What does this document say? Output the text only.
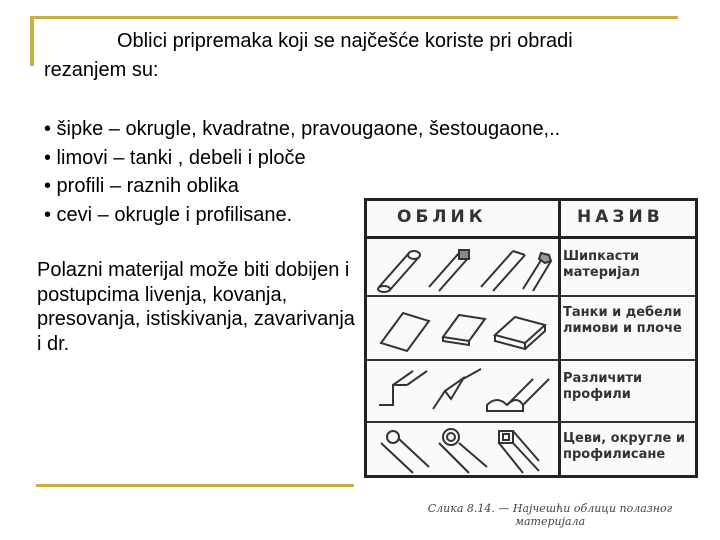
Oblici pripremaka koji se najčešće koriste pri obradi
rezanjem su:
• šipke – okrugle, kvadratne, pravougaone, šestougaone,..
• limovi – tanki , debeli i ploče
• profili – raznih oblika
• cevi – okrugle i profilisane.
Polazni materijal može biti dobijen i postupcima livenja, kovanja, presovanja, istiskivanja, zavarivanja i dr.
ОБЛИК	НАЗИВ
Шипкасти материјал
Танки и дебели лимови и плоче
Различити профили
Цеви, округле и профилисане
Слика 8.14. — Најчешћи облици полазног
материјала
